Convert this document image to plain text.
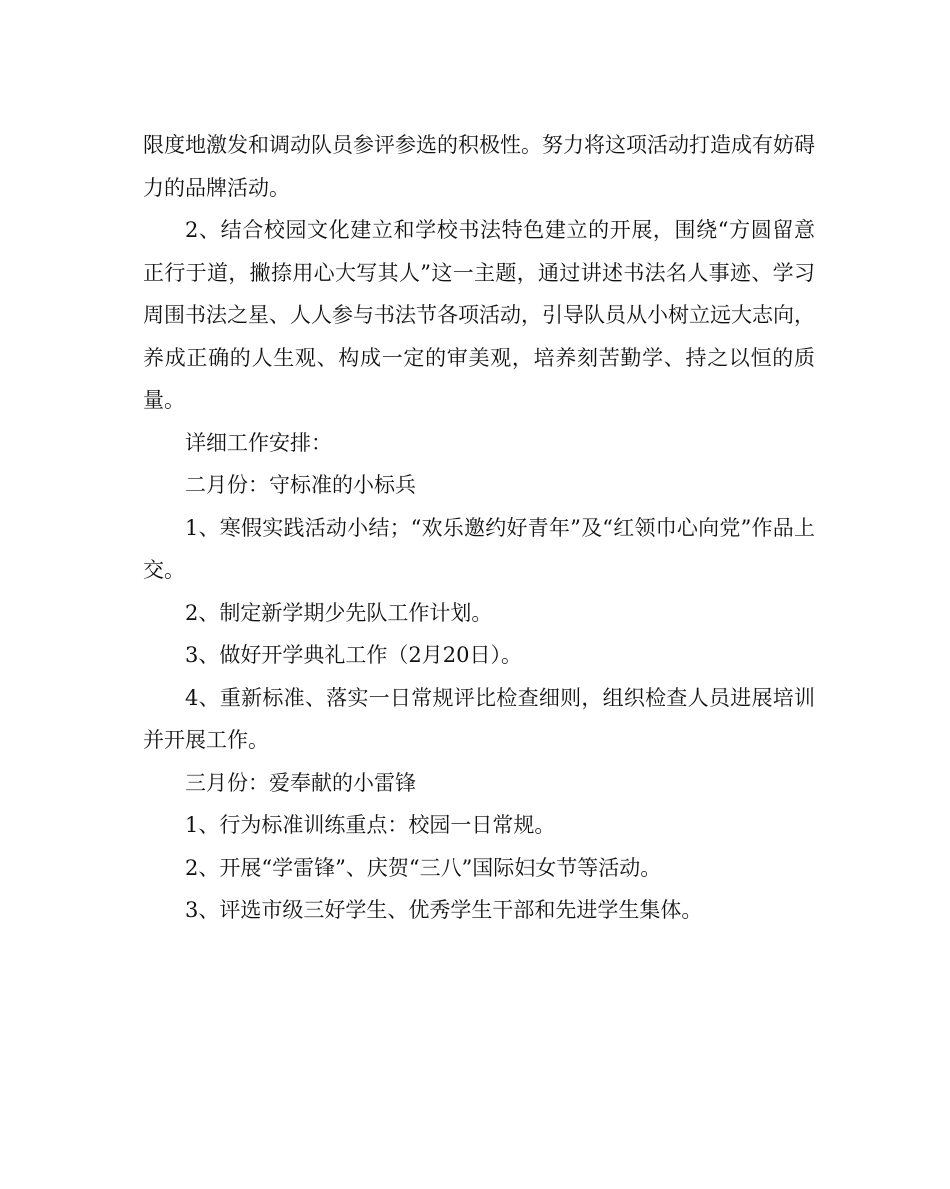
限度地激发和调动队员参评参选的积极性。努力将这项活动打造成有妨碍力的品牌活动。

2、结合校园文化建立和学校书法特色建立的开展，围绕“方圆留意正行于道，撇捺用心大写其人”这一主题，通过讲述书法名人事迹、学习周围书法之星、人人参与书法节各项活动，引导队员从小树立远大志向，养成正确的人生观、构成一定的审美观，培养刻苦勤学、持之以恒的质量。

详细工作安排：

二月份：守标准的小标兵

1、寒假实践活动小结；“欢乐邀约好青年”及“红领巾心向党”作品上交。

2、制定新学期少先队工作计划。

3、做好开学典礼工作（2月20日）。

4、重新标准、落实一日常规评比检查细则，组织检查人员进展培训并开展工作。

三月份：爱奉献的小雷锋

1、行为标准训练重点：校园一日常规。

2、开展“学雷锋”、庆贺“三八”国际妇女节等活动。

3、评选市级三好学生、优秀学生干部和先进学生集体。
